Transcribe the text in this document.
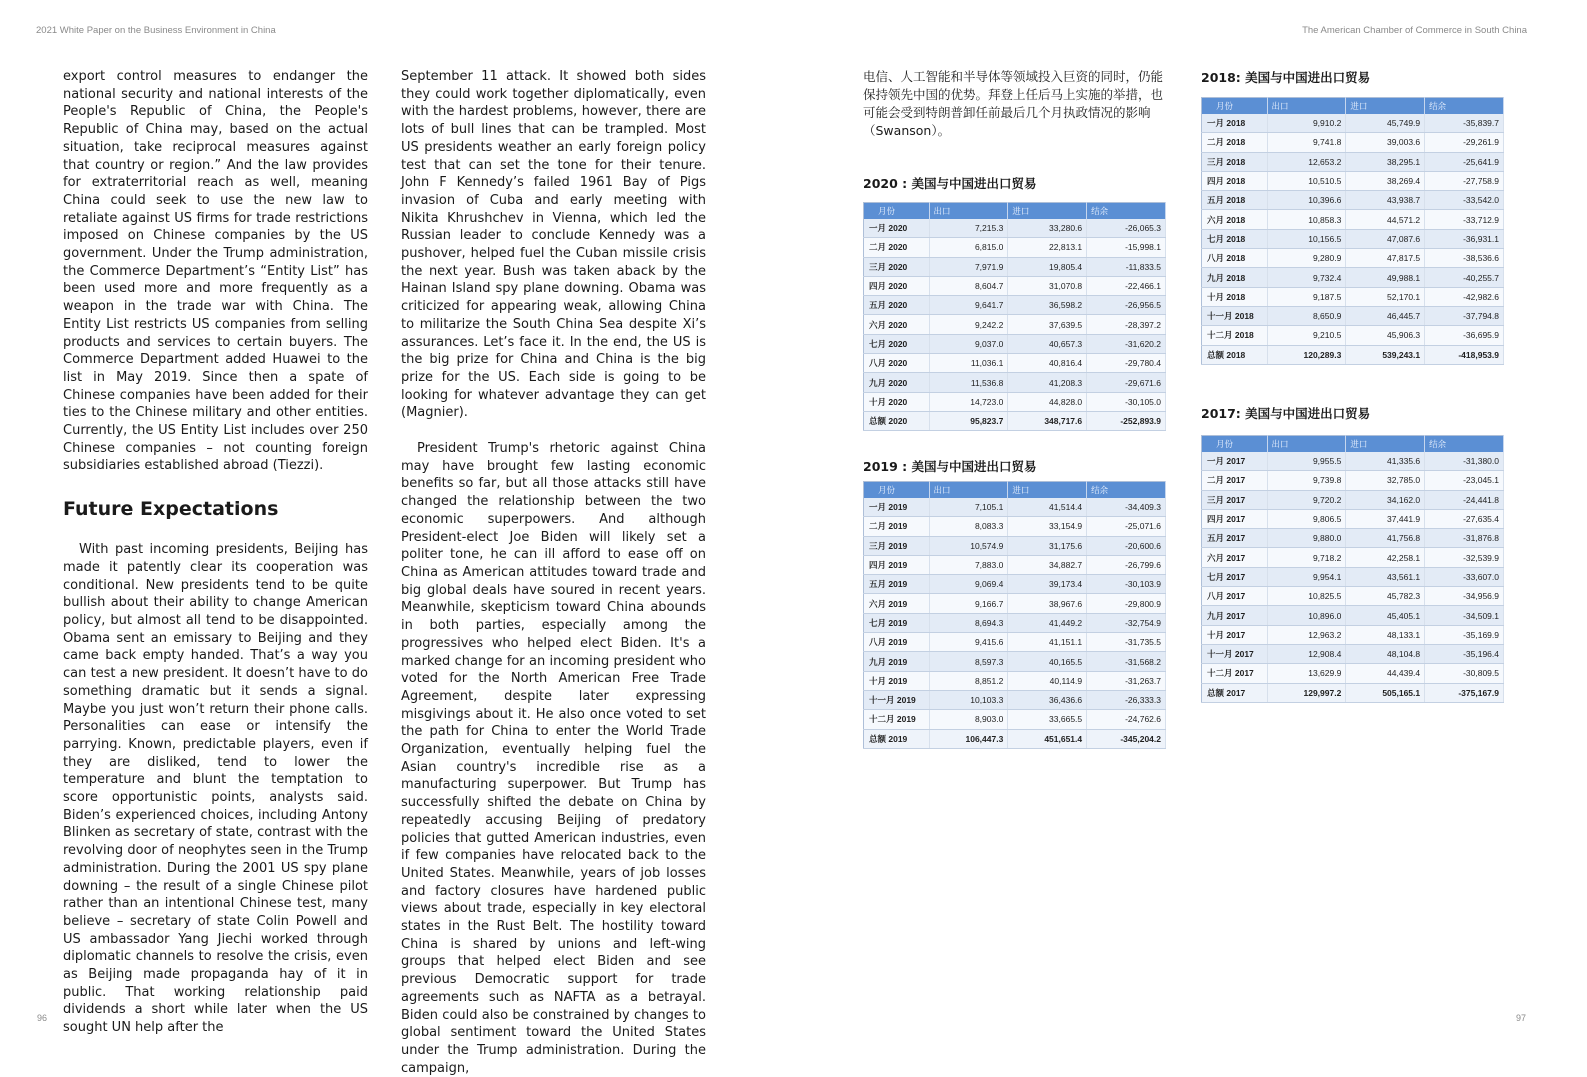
2021 White Paper on the Business Environment in China	The American Chamber of Commerce in South China

export control measures to endanger the national security and national interests of the People's Republic of China, the People's Republic of China may, based on the actual situation, take reciprocal measures against that country or region.” And the law provides for extraterritorial reach as well, meaning China could seek to use the new law to retaliate against US firms for trade restrictions imposed on Chinese companies by the US government. Under the Trump administration, the Commerce Department’s “Entity List” has been used more and more frequently as a weapon in the trade war with China. The Entity List restricts US companies from selling products and services to certain buyers. The Commerce Department added Huawei to the list in May 2019. Since then a spate of Chinese companies have been added for their ties to the Chinese military and other entities. Currently, the US Entity List includes over 250 Chinese companies – not counting foreign subsidiaries established abroad (Tiezzi).

Future Expectations

With past incoming presidents, Beijing has made it patently clear its cooperation was conditional. New presidents tend to be quite bullish about their ability to change American policy, but almost all tend to be disappointed. Obama sent an emissary to Beijing and they came back empty handed. That’s a way you can test a new president. It doesn’t have to do something dramatic but it sends a signal. Maybe you just won’t return their phone calls. Personalities can ease or intensify the parrying. Known, predictable players, even if they are disliked, tend to lower the temperature and blunt the temptation to score opportunistic points, analysts said. Biden’s experienced choices, including Antony Blinken as secretary of state, contrast with the revolving door of neophytes seen in the Trump administration. During the 2001 US spy plane downing – the result of a single Chinese pilot rather than an intentional Chinese test, many believe – secretary of state Colin Powell and US ambassador Yang Jiechi worked through diplomatic channels to resolve the crisis, even as Beijing made propaganda hay of it in public. That working relationship paid dividends a short while later when the US sought UN help after the

September 11 attack. It showed both sides they could work together diplomatically, even with the hardest problems, however, there are lots of bull lines that can be trampled. Most US presidents weather an early foreign policy test that can set the tone for their tenure. John F Kennedy’s failed 1961 Bay of Pigs invasion of Cuba and early meeting with Nikita Khrushchev in Vienna, which led the Russian leader to conclude Kennedy was a pushover, helped fuel the Cuban missile crisis the next year. Bush was taken aback by the Hainan Island spy plane downing. Obama was criticized for appearing weak, allowing China to militarize the South China Sea despite Xi’s assurances. Let’s face it. In the end, the US is the big prize for China and China is the big prize for the US. Each side is going to be looking for whatever advantage they can get (Magnier).

President Trump's rhetoric against China may have brought few lasting economic benefits so far, but all those attacks still have changed the relationship between the two economic superpowers. And although President-elect Joe Biden will likely set a politer tone, he can ill afford to ease off on China as American attitudes toward trade and big global deals have soured in recent years. Meanwhile, skepticism toward China abounds in both parties, especially among the progressives who helped elect Biden. It's a marked change for an incoming president who voted for the North American Free Trade Agreement, despite later expressing misgivings about it. He also once voted to set the path for China to enter the World Trade Organization, eventually helping fuel the Asian country's incredible rise as a manufacturing superpower. But Trump has successfully shifted the debate on China by repeatedly accusing Beijing of predatory policies that gutted American industries, even if few companies have relocated back to the United States. Meanwhile, years of job losses and factory closures have hardened public views about trade, especially in key electoral states in the Rust Belt. The hostility toward China is shared by unions and left-wing groups that helped elect Biden and see previous Democratic support for trade agreements such as NAFTA as a betrayal. Biden could also be constrained by changes to global sentiment toward the United States under the Trump administration. During the campaign,

电信、人工智能和半导体等领域投入巨资的同时，仍能保持领先中国的优势。拜登上任后马上实施的举措，也可能会受到特朗普卸任前最后几个月执政情况的影响（Swanson）。
2020 : 美国与中国进出口贸易
月份	出口	进口	结余
一月 2020	7,215.3	33,280.6	-26,065.3
二月 2020	6,815.0	22,813.1	-15,998.1
三月 2020	7,971.9	19,805.4	-11,833.5
四月 2020	8,604.7	31,070.8	-22,466.1
五月 2020	9,641.7	36,598.2	-26,956.5
六月 2020	9,242.2	37,639.5	-28,397.2
七月 2020	9,037.0	40,657.3	-31,620.2
八月 2020	11,036.1	40,816.4	-29,780.4
九月 2020	11,536.8	41,208.3	-29,671.6
十月 2020	14,723.0	44,828.0	-30,105.0
总额 2020	95,823.7	348,717.6	-252,893.9
2019 : 美国与中国进出口贸易
月份	出口	进口	结余
一月 2019	7,105.1	41,514.4	-34,409.3
二月 2019	8,083.3	33,154.9	-25,071.6
三月 2019	10,574.9	31,175.6	-20,600.6
四月 2019	7,883.0	34,882.7	-26,799.6
五月 2019	9,069.4	39,173.4	-30,103.9
六月 2019	9,166.7	38,967.6	-29,800.9
七月 2019	8,694.3	41,449.2	-32,754.9
八月 2019	9,415.6	41,151.1	-31,735.5
九月 2019	8,597.3	40,165.5	-31,568.2
十月 2019	8,851.2	40,114.9	-31,263.7
十一月 2019	10,103.3	36,436.6	-26,333.3
十二月 2019	8,903.0	33,665.5	-24,762.6
总额 2019	106,447.3	451,651.4	-345,204.2
2018: 美国与中国进出口贸易
月份	出口	进口	结余
一月 2018	9,910.2	45,749.9	-35,839.7
二月 2018	9,741.8	39,003.6	-29,261.9
三月 2018	12,653.2	38,295.1	-25,641.9
四月 2018	10,510.5	38,269.4	-27,758.9
五月 2018	10,396.6	43,938.7	-33,542.0
六月 2018	10,858.3	44,571.2	-33,712.9
七月 2018	10,156.5	47,087.6	-36,931.1
八月 2018	9,280.9	47,817.5	-38,536.6
九月 2018	9,732.4	49,988.1	-40,255.7
十月 2018	9,187.5	52,170.1	-42,982.6
十一月 2018	8,650.9	46,445.7	-37,794.8
十二月 2018	9,210.5	45,906.3	-36,695.9
总额 2018	120,289.3	539,243.1	-418,953.9
2017: 美国与中国进出口贸易
月份	出口	进口	结余
一月 2017	9,955.5	41,335.6	-31,380.0
二月 2017	9,739.8	32,785.0	-23,045.1
三月 2017	9,720.2	34,162.0	-24,441.8
四月 2017	9,806.5	37,441.9	-27,635.4
五月 2017	9,880.0	41,756.8	-31,876.8
六月 2017	9,718.2	42,258.1	-32,539.9
七月 2017	9,954.1	43,561.1	-33,607.0
八月 2017	10,825.5	45,782.3	-34,956.9
九月 2017	10,896.0	45,405.1	-34,509.1
十月 2017	12,963.2	48,133.1	-35,169.9
十一月 2017	12,908.4	48,104.8	-35,196.4
十二月 2017	13,629.9	44,439.4	-30,809.5
总额 2017	129,997.2	505,165.1	-375,167.9
96	97
